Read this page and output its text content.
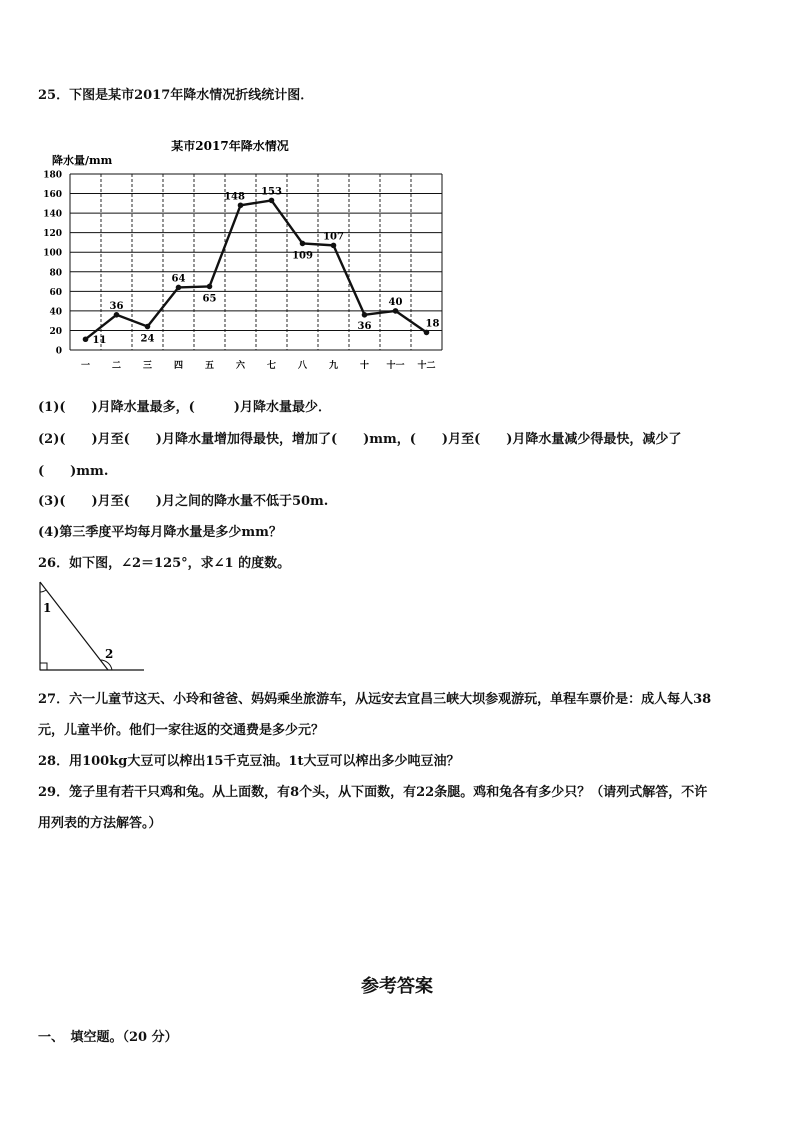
25．下图是某市2017年降水情况折线统计图．
某市2017年降水情况
降水量/mm
0
20
40
60
80
100
120
140
160
180
一 二 三 四 五 六 七 八 九 十 十一 十二
11
36
24
64
65
148 153
109
107
36
40
18
(1)(　　)月降水量最多，(　　　)月降水量最少．
(2)(　　)月至(　　)月降水量增加得最快，增加了(　　)mm，(　　)月至(　　)月降水量减少得最快，减少了
(　　)mm.
(3)(　　)月至(　　)月之间的降水量不低于50m.
(4)第三季度平均每月降水量是多少mm？
26．如下图，∠2＝125°，求∠1 的度数。
1
2
27．六一儿童节这天、小玲和爸爸、妈妈乘坐旅游车，从远安去宜昌三峡大坝参观游玩，单程车票价是：成人每人38
元，儿童半价。他们一家往返的交通费是多少元？
28．用100kg大豆可以榨出15千克豆油。1t大豆可以榨出多少吨豆油？
29．笼子里有若干只鸡和兔。从上面数，有8个头，从下面数，有22条腿。鸡和兔各有多少只？（请列式解答，不许
用列表的方法解答。）
参考答案
一、　填空题。（20 分）
